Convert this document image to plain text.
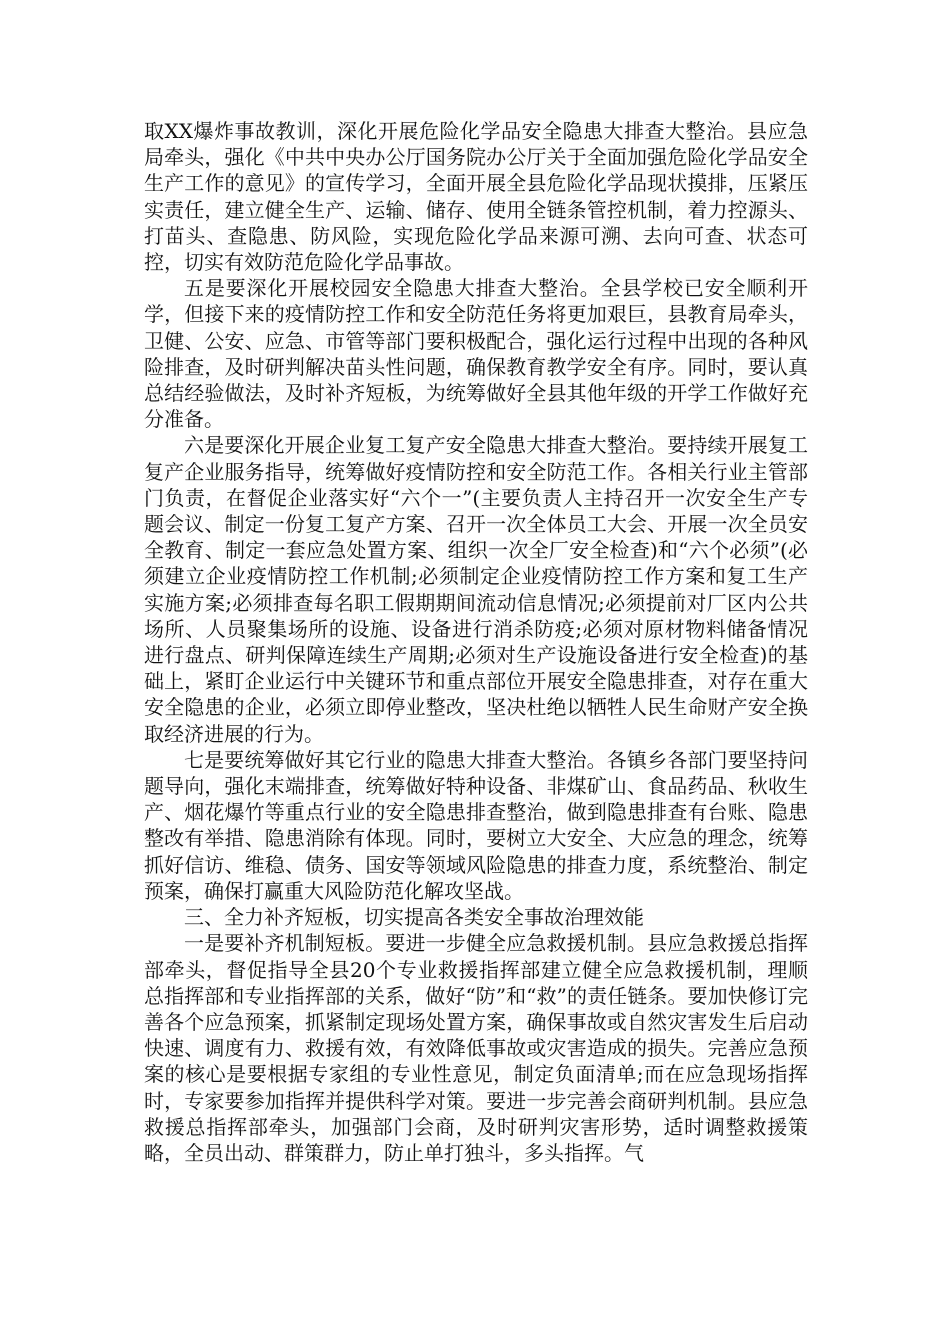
取XX爆炸事故教训，深化开展危险化学品安全隐患大排查大整治。县应急局牵头，强化《中共中央办公厅国务院办公厅关于全面加强危险化学品安全生产工作的意见》的宣传学习，全面开展全县危险化学品现状摸排，压紧压实责任，建立健全生产、运输、储存、使用全链条管控机制，着力控源头、打苗头、查隐患、防风险，实现危险化学品来源可溯、去向可查、状态可控，切实有效防范危险化学品事故。

五是要深化开展校园安全隐患大排查大整治。全县学校已安全顺利开学，但接下来的疫情防控工作和安全防范任务将更加艰巨，县教育局牵头，卫健、公安、应急、市管等部门要积极配合，强化运行过程中出现的各种风险排查，及时研判解决苗头性问题，确保教育教学安全有序。同时，要认真总结经验做法，及时补齐短板，为统筹做好全县其他年级的开学工作做好充分准备。

六是要深化开展企业复工复产安全隐患大排查大整治。要持续开展复工复产企业服务指导，统筹做好疫情防控和安全防范工作。各相关行业主管部门负责，在督促企业落实好“六个一”(主要负责人主持召开一次安全生产专题会议、制定一份复工复产方案、召开一次全体员工大会、开展一次全员安全教育、制定一套应急处置方案、组织一次全厂安全检查)和“六个必须”(必须建立企业疫情防控工作机制;必须制定企业疫情防控工作方案和复工生产实施方案;必须排查每名职工假期期间流动信息情况;必须提前对厂区内公共场所、人员聚集场所的设施、设备进行消杀防疫;必须对原材物料储备情况进行盘点、研判保障连续生产周期;必须对生产设施设备进行安全检查)的基础上，紧盯企业运行中关键环节和重点部位开展安全隐患排查，对存在重大安全隐患的企业，必须立即停业整改，坚决杜绝以牺牲人民生命财产安全换取经济进展的行为。

七是要统筹做好其它行业的隐患大排查大整治。各镇乡各部门要坚持问题导向，强化末端排查，统筹做好特种设备、非煤矿山、食品药品、秋收生产、烟花爆竹等重点行业的安全隐患排查整治，做到隐患排查有台账、隐患整改有举措、隐患消除有体现。同时，要树立大安全、大应急的理念，统筹抓好信访、维稳、债务、国安等领域风险隐患的排查力度，系统整治、制定预案，确保打赢重大风险防范化解攻坚战。

三、全力补齐短板，切实提高各类安全事故治理效能

一是要补齐机制短板。要进一步健全应急救援机制。县应急救援总指挥部牵头，督促指导全县20个专业救援指挥部建立健全应急救援机制，理顺总指挥部和专业指挥部的关系，做好“防”和“救”的责任链条。要加快修订完善各个应急预案，抓紧制定现场处置方案，确保事故或自然灾害发生后启动快速、调度有力、救援有效，有效降低事故或灾害造成的损失。完善应急预案的核心是要根据专家组的专业性意见，制定负面清单;而在应急现场指挥时，专家要参加指挥并提供科学对策。要进一步完善会商研判机制。县应急救援总指挥部牵头，加强部门会商，及时研判灾害形势，适时调整救援策略，全员出动、群策群力，防止单打独斗，多头指挥。气
